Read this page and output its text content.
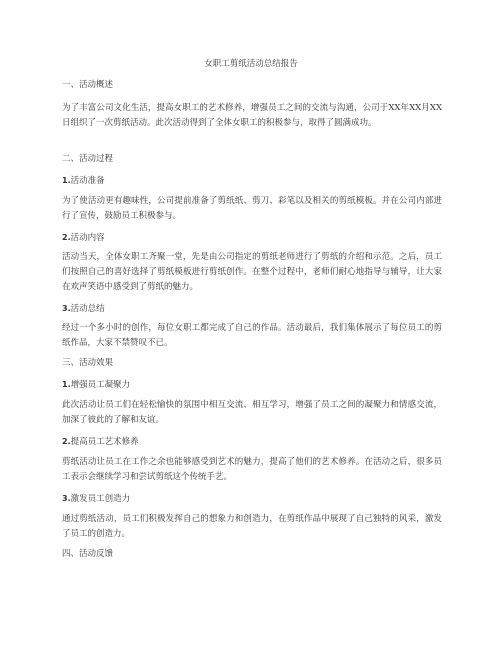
女职工剪纸活动总结报告
一、活动概述
为了丰富公司文化生活，提高女职工的艺术修养，增强员工之间的交流与沟通，公司于XX年XX月XX日组织了一次剪纸活动。此次活动得到了全体女职工的积极参与，取得了圆满成功。
二、活动过程
1.活动准备
为了使活动更有趣味性，公司提前准备了剪纸纸、剪刀、彩笔以及相关的剪纸模板。并在公司内部进行了宣传，鼓励员工积极参与。
2.活动内容
活动当天，全体女职工齐聚一堂，先是由公司指定的剪纸老师进行了剪纸的介绍和示范。之后，员工们按照自己的喜好选择了剪纸模板进行剪纸创作。在整个过程中，老师们耐心地指导与辅导，让大家在欢声笑语中感受到了剪纸的魅力。
3.活动总结
经过一个多小时的创作，每位女职工都完成了自己的作品。活动最后，我们集体展示了每位员工的剪纸作品，大家不禁赞叹不已。
三、活动效果
1.增强员工凝聚力
此次活动让员工们在轻松愉快的氛围中相互交流、相互学习，增强了员工之间的凝聚力和情感交流，加深了彼此的了解和友谊。
2.提高员工艺术修养
剪纸活动让员工在工作之余也能够感受到艺术的魅力，提高了他们的艺术修养。在活动之后，很多员工表示会继续学习和尝试剪纸这个传统手艺。
3.激发员工创造力
通过剪纸活动，员工们积极发挥自己的想象力和创造力，在剪纸作品中展现了自己独特的风采，激发了员工的创造力。
四、活动反馈
